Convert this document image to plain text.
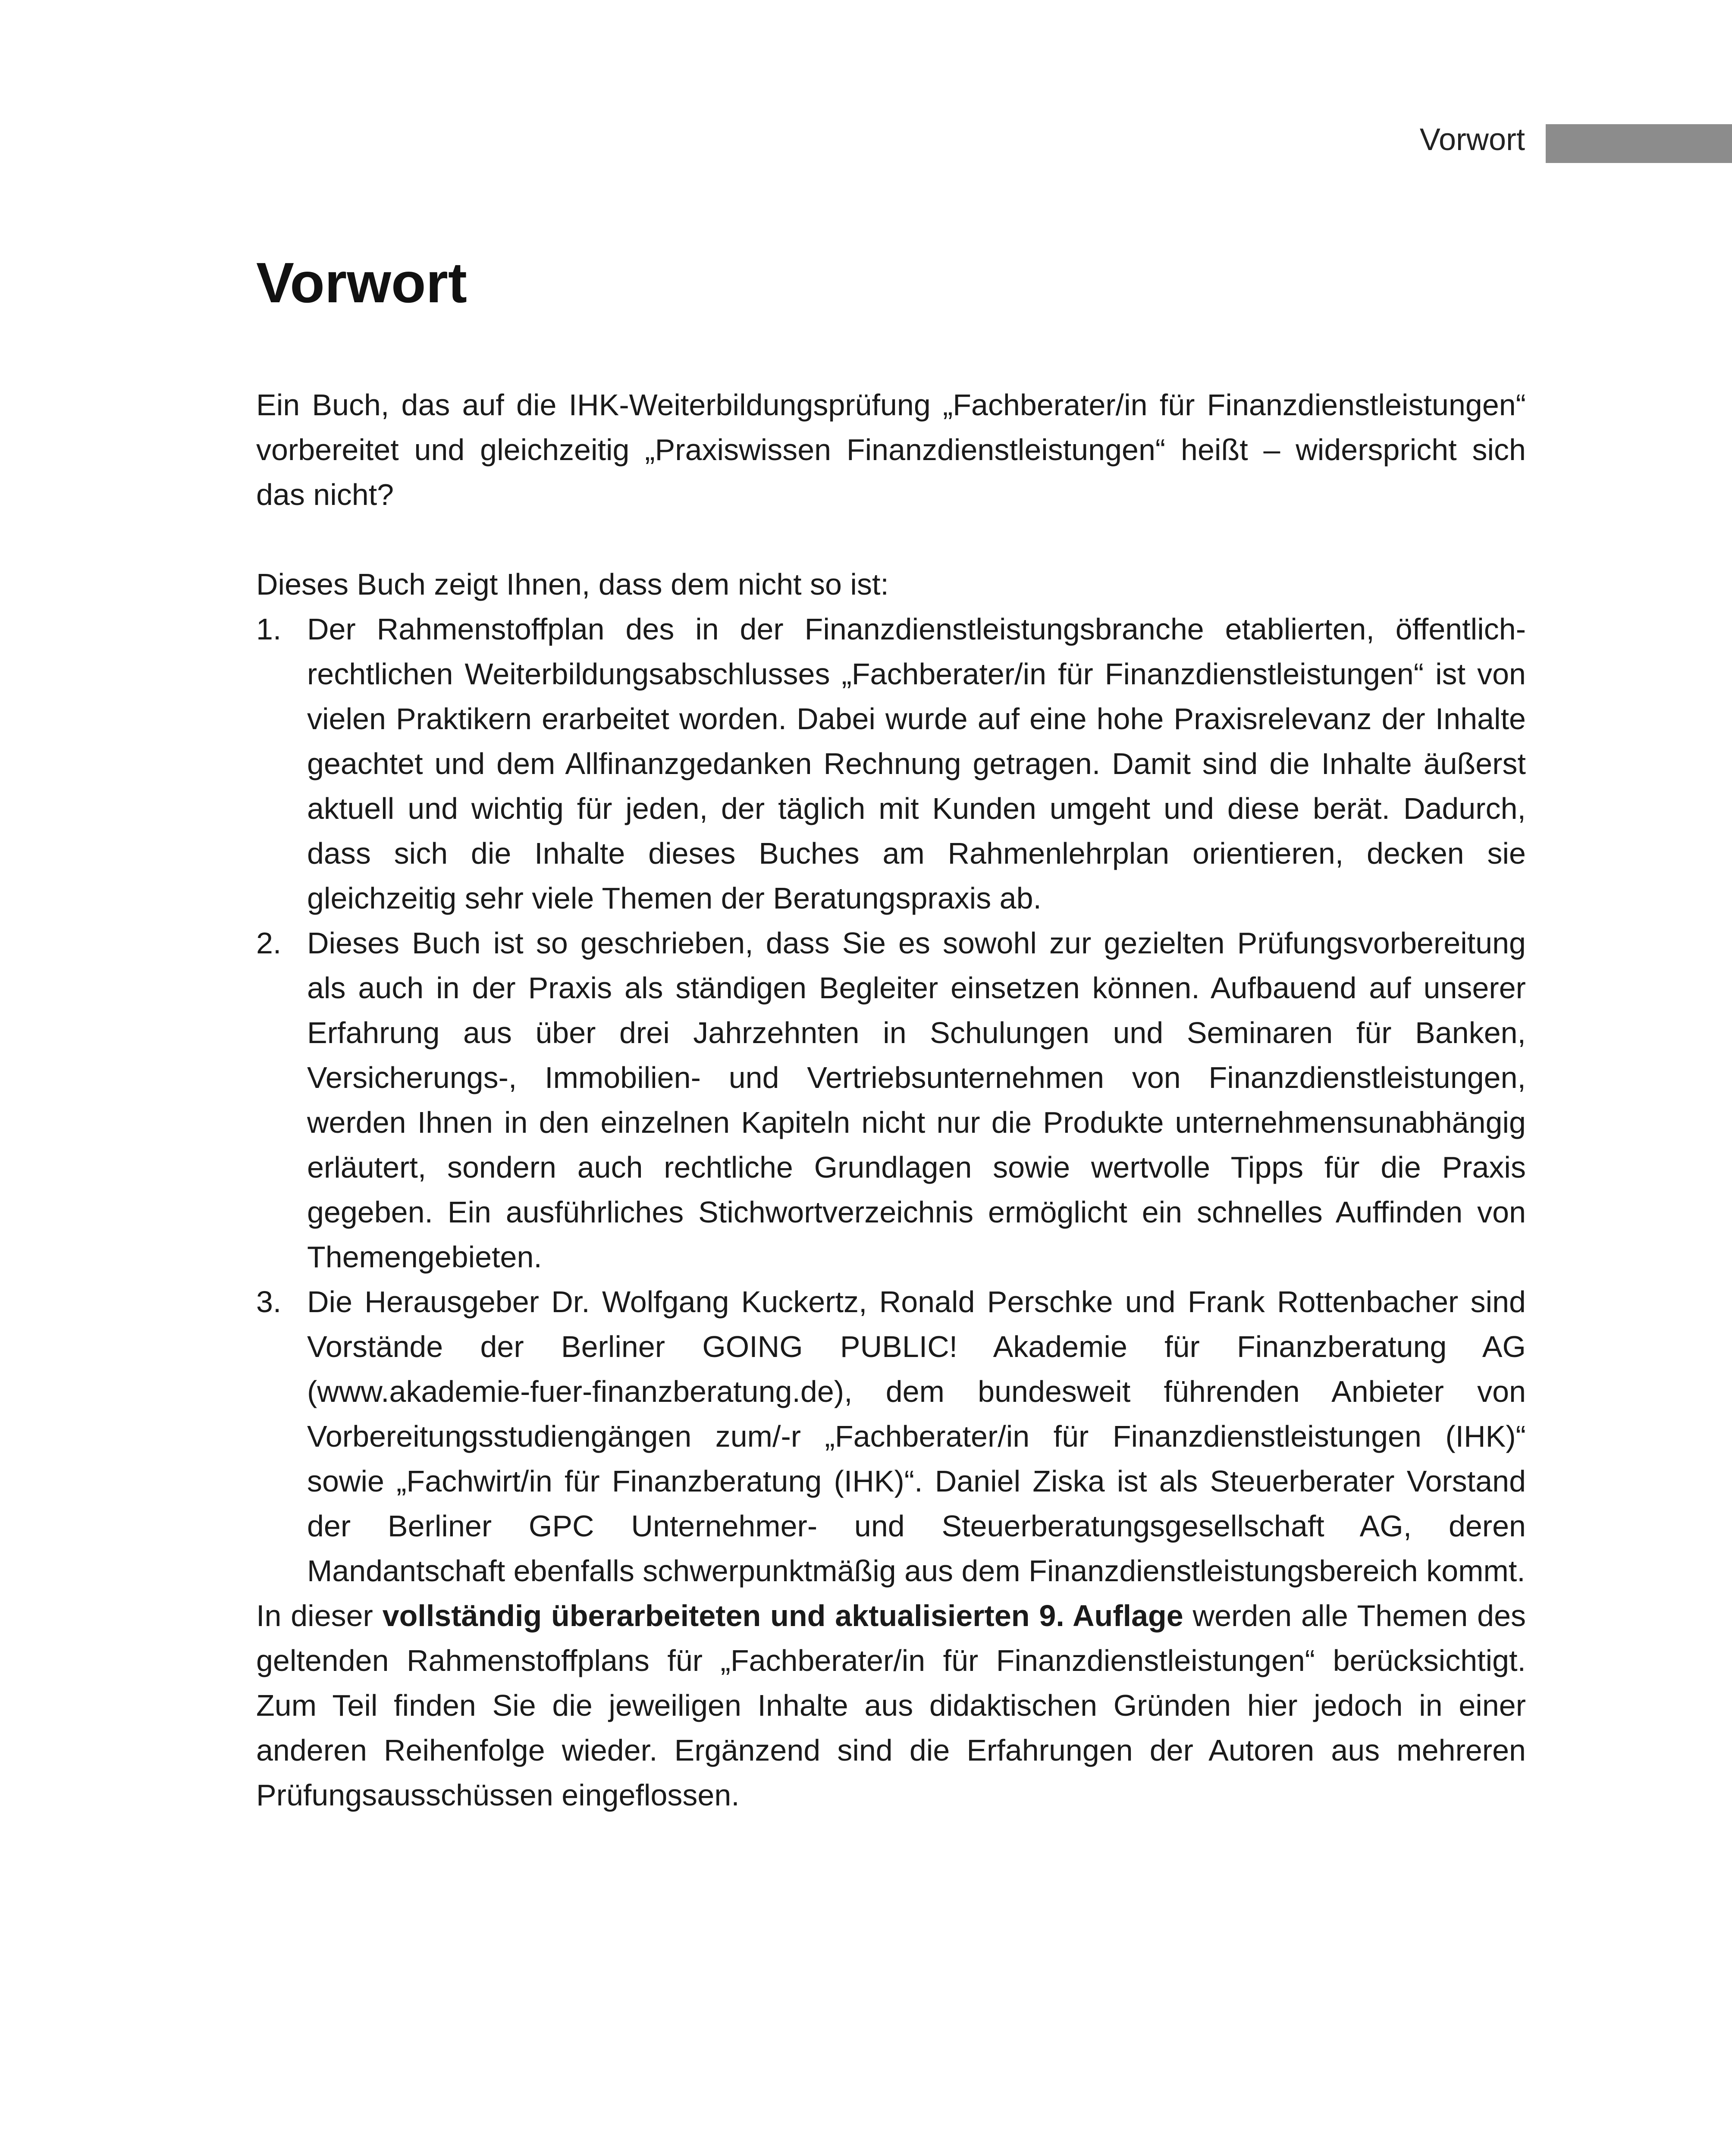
Vorwort
Vorwort

Ein Buch, das auf die IHK-Weiterbildungsprüfung „Fachberater/in für Finanzdienstleistungen“ vorbereitet und gleichzeitig „Praxiswissen Finanzdienstleistungen“ heißt – widerspricht sich das nicht?

Dieses Buch zeigt Ihnen, dass dem nicht so ist:

1. Der Rahmenstoffplan des in der Finanzdienstleistungsbranche etablierten, öffentlich-rechtlichen Weiterbildungsabschlusses „Fachberater/in für Finanzdienstleistungen“ ist von vielen Praktikern erarbeitet worden. Dabei wurde auf eine hohe Praxisrelevanz der Inhalte geachtet und dem Allfinanzgedanken Rechnung getragen. Damit sind die Inhalte äußerst aktuell und wichtig für jeden, der täglich mit Kunden umgeht und diese berät. Dadurch, dass sich die Inhalte dieses Buches am Rahmenlehrplan orientieren, decken sie gleichzeitig sehr viele Themen der Beratungspraxis ab.
2. Dieses Buch ist so geschrieben, dass Sie es sowohl zur gezielten Prüfungsvorbereitung als auch in der Praxis als ständigen Begleiter einsetzen können. Aufbauend auf unserer Erfahrung aus über drei Jahrzehnten in Schulungen und Seminaren für Banken, Versicherungs-, Immobilien- und Vertriebsunternehmen von Finanzdienstleistungen, werden Ihnen in den einzelnen Kapiteln nicht nur die Produkte unternehmensunabhängig erläutert, sondern auch rechtliche Grundlagen sowie wertvolle Tipps für die Praxis gegeben. Ein ausführliches Stichwortverzeichnis ermöglicht ein schnelles Auffinden von Themengebieten.
3. Die Herausgeber Dr. Wolfgang Kuckertz, Ronald Perschke und Frank Rottenbacher sind Vorstände der Berliner GOING PUBLIC! Akademie für Finanzberatung AG (www.akademie-fuer-finanzberatung.de), dem bundesweit führenden Anbieter von Vorbereitungsstudiengängen zum/-r „Fachberater/in für Finanzdienstleistungen (IHK)“ sowie „Fachwirt/in für Finanzberatung (IHK)“. Daniel Ziska ist als Steuerberater Vorstand der Berliner GPC Unternehmer- und Steuerberatungsgesellschaft AG, deren Mandantschaft ebenfalls schwerpunktmäßig aus dem Finanzdienstleistungsbereich kommt.

In dieser vollständig überarbeiteten und aktualisierten 9. Auflage werden alle Themen des geltenden Rahmenstoffplans für „Fachberater/in für Finanzdienstleistungen“ berücksichtigt. Zum Teil finden Sie die jeweiligen Inhalte aus didaktischen Gründen hier jedoch in einer anderen Reihenfolge wieder. Ergänzend sind die Erfahrungen der Autoren aus mehreren Prüfungsausschüssen eingeflossen.
